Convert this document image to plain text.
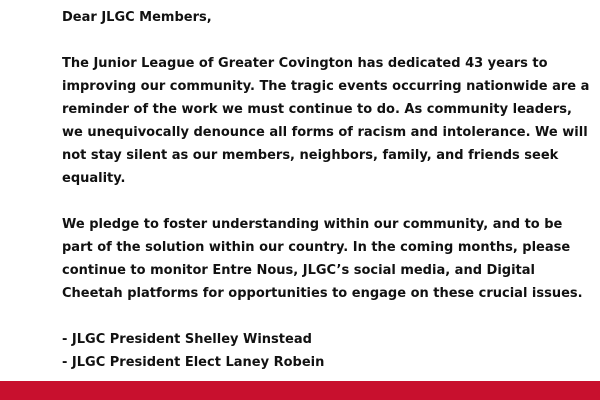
Dear JLGC Members,

The Junior League of Greater Covington has dedicated 43 years to improving our community. The tragic events occurring nationwide are a reminder of the work we must continue to do. As community leaders, we unequivocally denounce all forms of racism and intolerance. We will not stay silent as our members, neighbors, family, and friends seek equality.

We pledge to foster understanding within our community, and to be part of the solution within our country. In the coming months, please continue to monitor Entre Nous, JLGC’s social media, and Digital Cheetah platforms for opportunities to engage on these crucial issues.

- JLGC President Shelley Winstead

- JLGC President Elect Laney Robein
